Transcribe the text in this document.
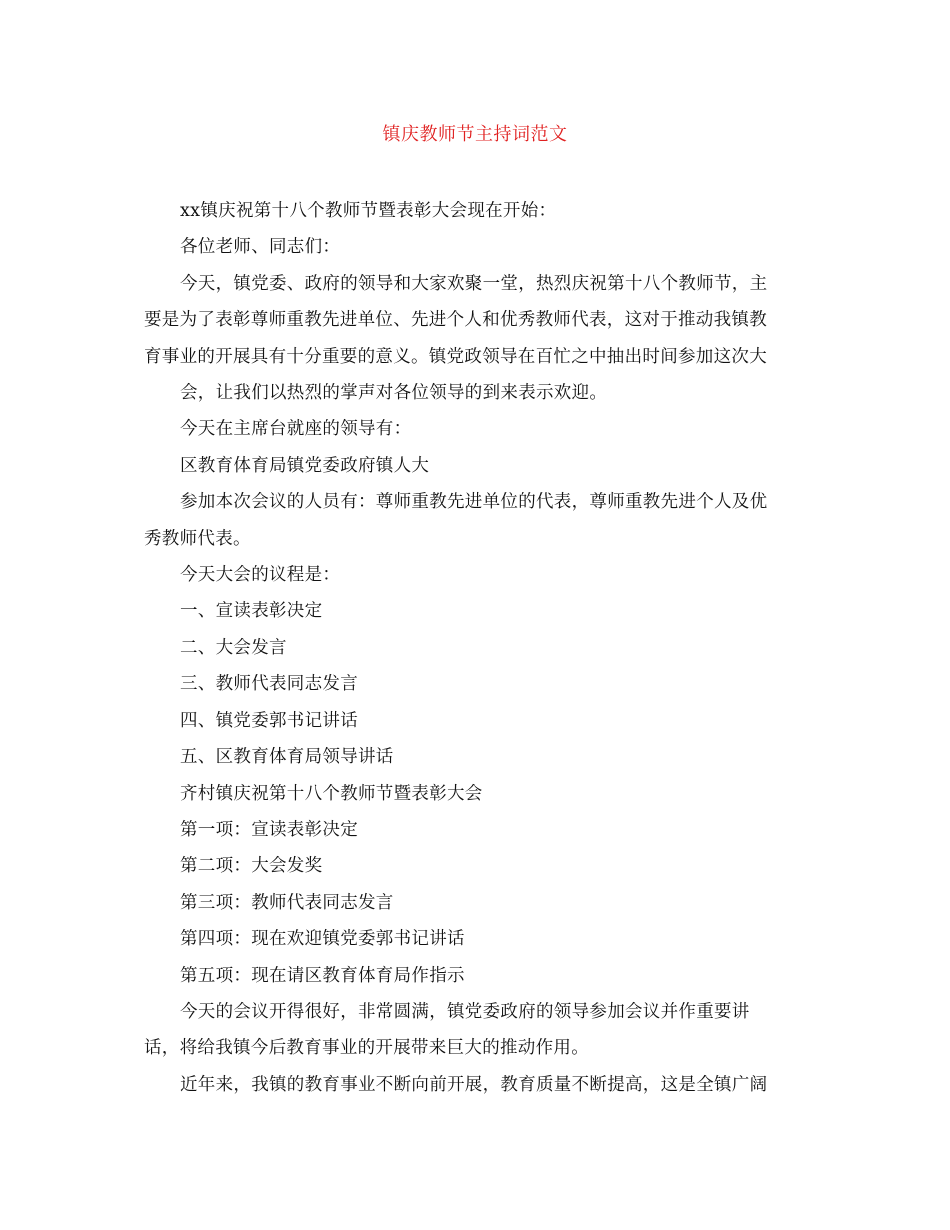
镇庆教师节主持词范文
xx镇庆祝第十八个教师节暨表彰大会现在开始：
各位老师、同志们：
今天，镇党委、政府的领导和大家欢聚一堂，热烈庆祝第十八个教师节，主
要是为了表彰尊师重教先进单位、先进个人和优秀教师代表，这对于推动我镇教
育事业的开展具有十分重要的意义。镇党政领导在百忙之中抽出时间参加这次大
会，让我们以热烈的掌声对各位领导的到来表示欢迎。
今天在主席台就座的领导有：
区教育体育局镇党委政府镇人大
参加本次会议的人员有：尊师重教先进单位的代表，尊师重教先进个人及优
秀教师代表。
今天大会的议程是：
一、宣读表彰决定
二、大会发言
三、教师代表同志发言
四、镇党委郭书记讲话
五、区教育体育局领导讲话
齐村镇庆祝第十八个教师节暨表彰大会
第一项：宣读表彰决定
第二项：大会发奖
第三项：教师代表同志发言
第四项：现在欢迎镇党委郭书记讲话
第五项：现在请区教育体育局作指示
今天的会议开得很好，非常圆满，镇党委政府的领导参加会议并作重要讲
话，将给我镇今后教育事业的开展带来巨大的推动作用。
近年来，我镇的教育事业不断向前开展，教育质量不断提高，这是全镇广阔
